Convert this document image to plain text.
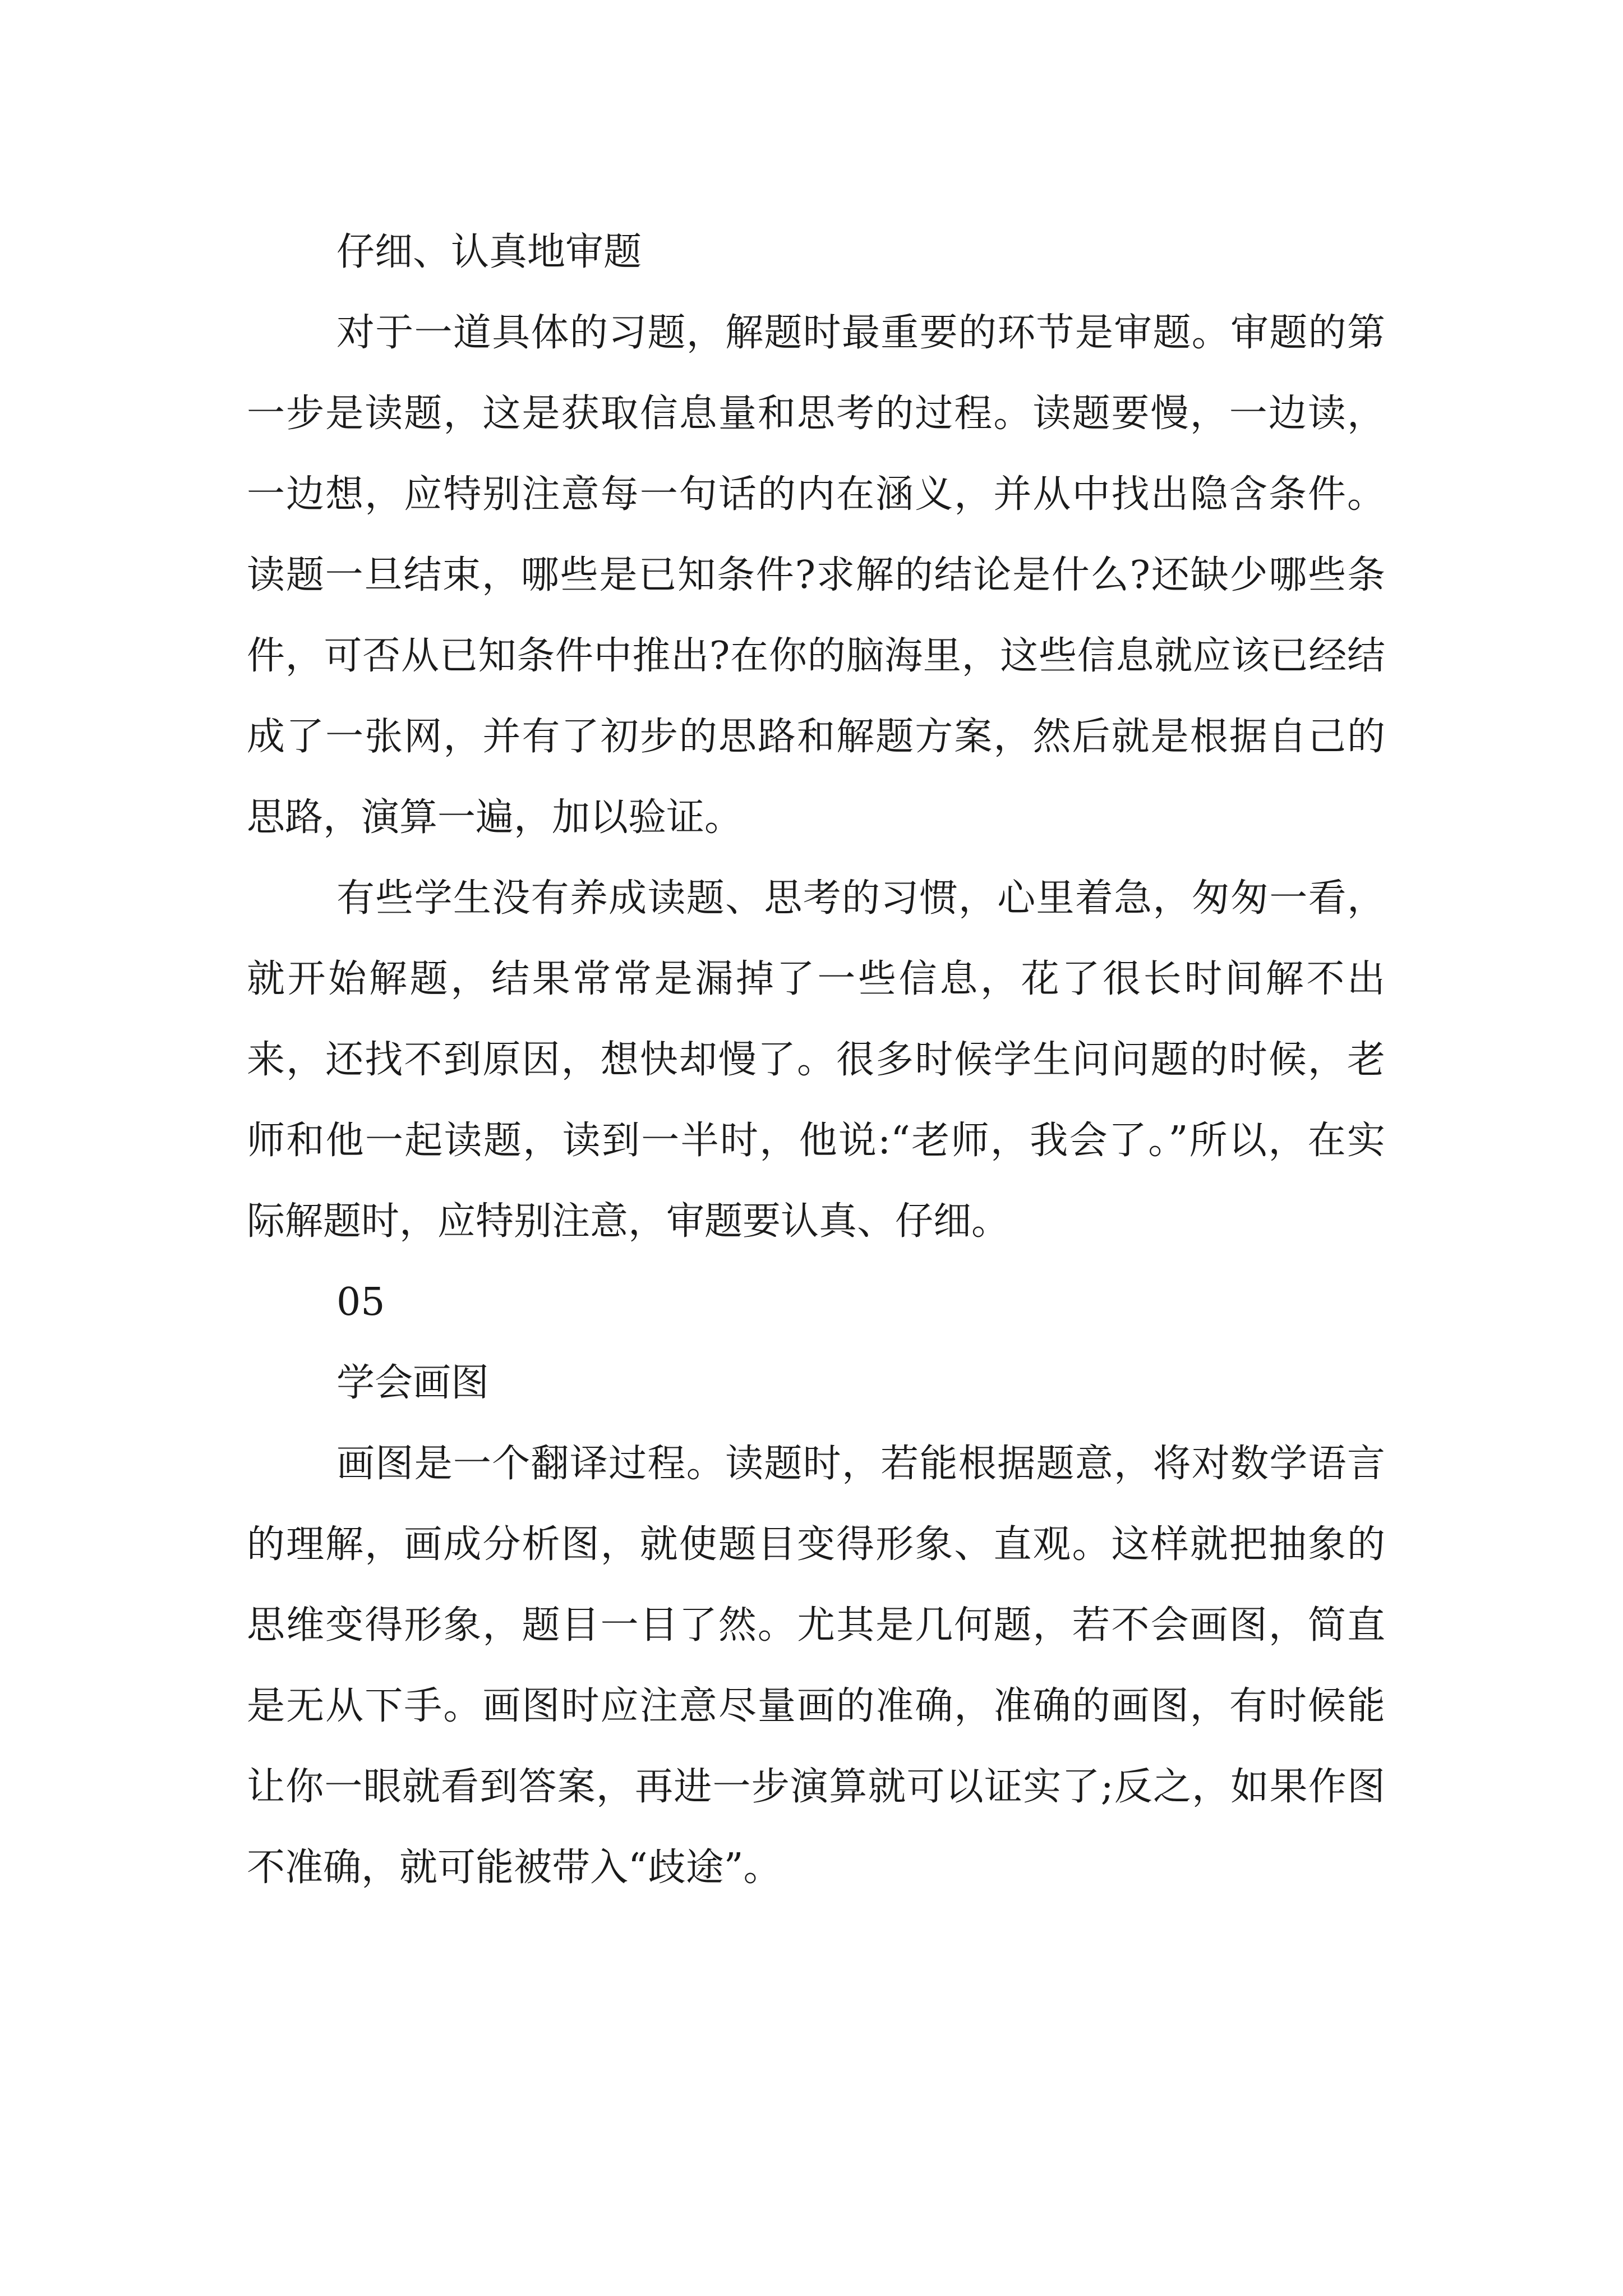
仔细、认真地审题

对于一道具体的习题，解题时最重要的环节是审题。审题的第一步是读题，这是获取信息量和思考的过程。读题要慢，一边读，一边想，应特别注意每一句话的内在涵义，并从中找出隐含条件。读题一旦结束，哪些是已知条件?求解的结论是什么?还缺少哪些条件，可否从已知条件中推出?在你的脑海里，这些信息就应该已经结成了一张网，并有了初步的思路和解题方案，然后就是根据自己的思路，演算一遍，加以验证。

有些学生没有养成读题、思考的习惯，心里着急，匆匆一看，就开始解题，结果常常是漏掉了一些信息，花了很长时间解不出来，还找不到原因，想快却慢了。很多时候学生问问题的时候，老师和他一起读题，读到一半时，他说:“老师，我会了。”所以，在实际解题时，应特别注意，审题要认真、仔细。

05

学会画图

画图是一个翻译过程。读题时，若能根据题意，将对数学语言的理解，画成分析图，就使题目变得形象、直观。这样就把抽象的思维变得形象，题目一目了然。尤其是几何题，若不会画图，简直是无从下手。画图时应注意尽量画的准确，准确的画图，有时候能让你一眼就看到答案，再进一步演算就可以证实了;反之，如果作图不准确，就可能被带入“歧途”。
